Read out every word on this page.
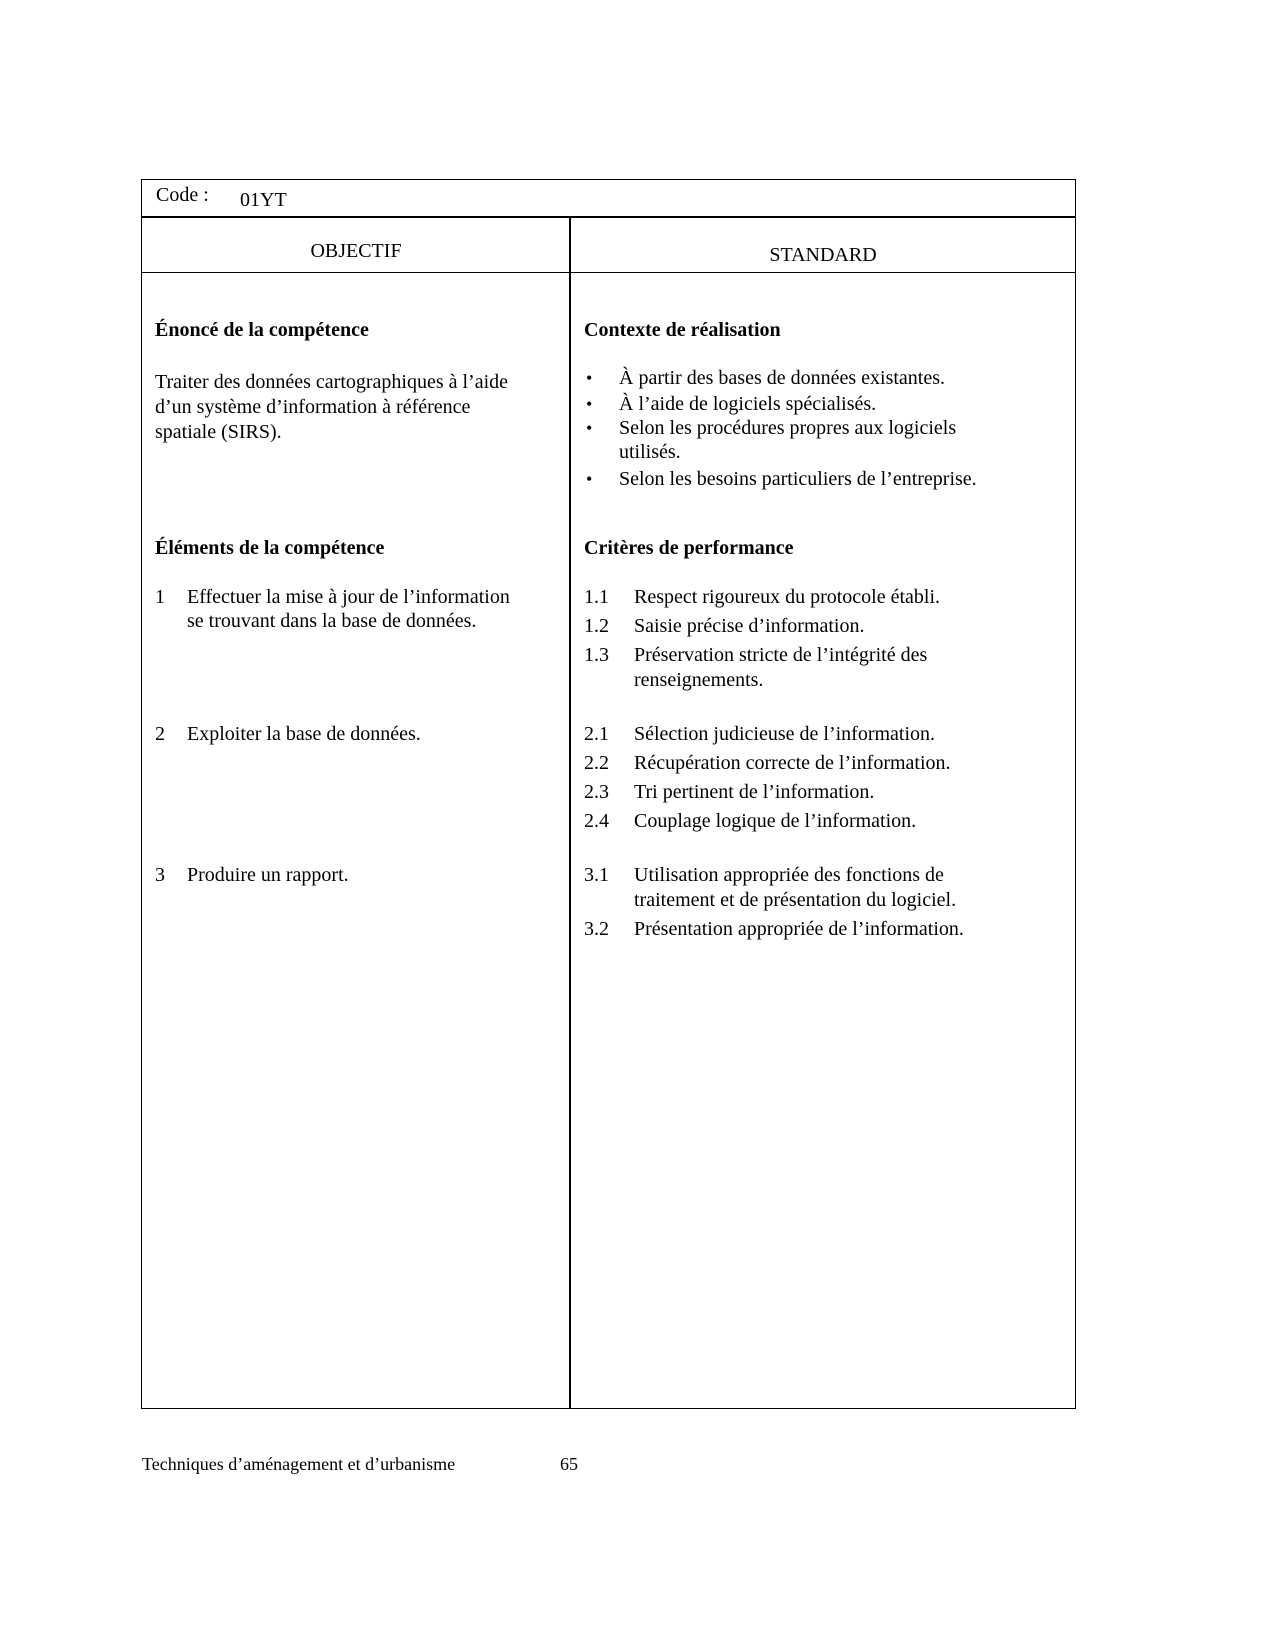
Code : 01YT
OBJECTIF	STANDARD
Énoncé de la compétence
Traiter des données cartographiques à l’aide
d’un système d’information à référence
spatiale (SIRS).
Contexte de réalisation
• À partir des bases de données existantes.
• À l’aide de logiciels spécialisés.
• Selon les procédures propres aux logiciels
utilisés.
• Selon les besoins particuliers de l’entreprise.
Éléments de la compétence
1 Effectuer la mise à jour de l’information
se trouvant dans la base de données.
2 Exploiter la base de données.
3 Produire un rapport.
Critères de performance
1.1 Respect rigoureux du protocole établi.
1.2 Saisie précise d’information.
1.3 Préservation stricte de l’intégrité des
renseignements.
2.1 Sélection judicieuse de l’information.
2.2 Récupération correcte de l’information.
2.3 Tri pertinent de l’information.
2.4 Couplage logique de l’information.
3.1 Utilisation appropriée des fonctions de
traitement et de présentation du logiciel.
3.2 Présentation appropriée de l’information.
Techniques d’aménagement et d’urbanisme	65
